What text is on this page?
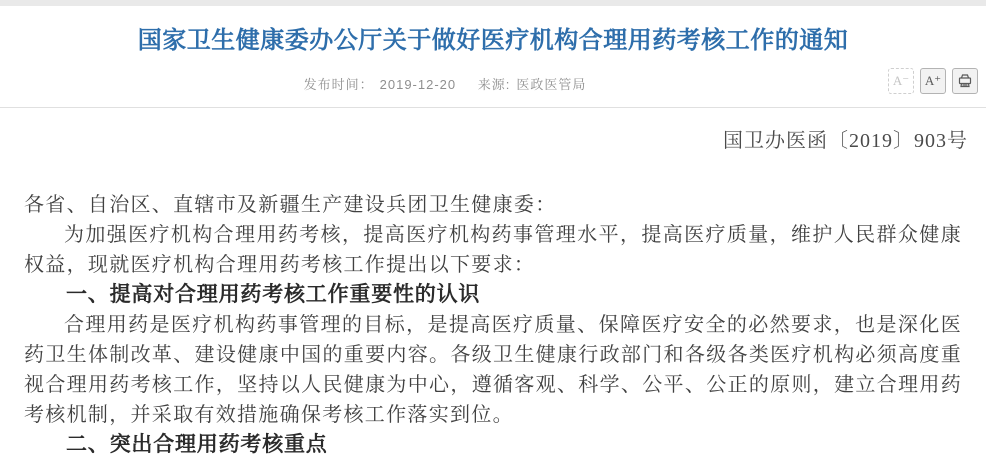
国家卫生健康委办公厅关于做好医疗机构合理用药考核工作的通知
发布时间： 2019-12-20 来源: 医政医管局	A⁻	A⁺
国卫办医函〔2019〕903号

各省、自治区、直辖市及新疆生产建设兵团卫生健康委：

为加强医疗机构合理用药考核，提高医疗机构药事管理水平，提高医疗质量，维护人民群众健康权益，现就医疗机构合理用药考核工作提出以下要求：

一、提高对合理用药考核工作重要性的认识

合理用药是医疗机构药事管理的目标，是提高医疗质量、保障医疗安全的必然要求，也是深化医药卫生体制改革、建设健康中国的重要内容。各级卫生健康行政部门和各级各类医疗机构必须高度重视合理用药考核工作，坚持以人民健康为中心，遵循客观、科学、公平、公正的原则，建立合理用药考核机制，并采取有效措施确保考核工作落实到位。

二、突出合理用药考核重点
